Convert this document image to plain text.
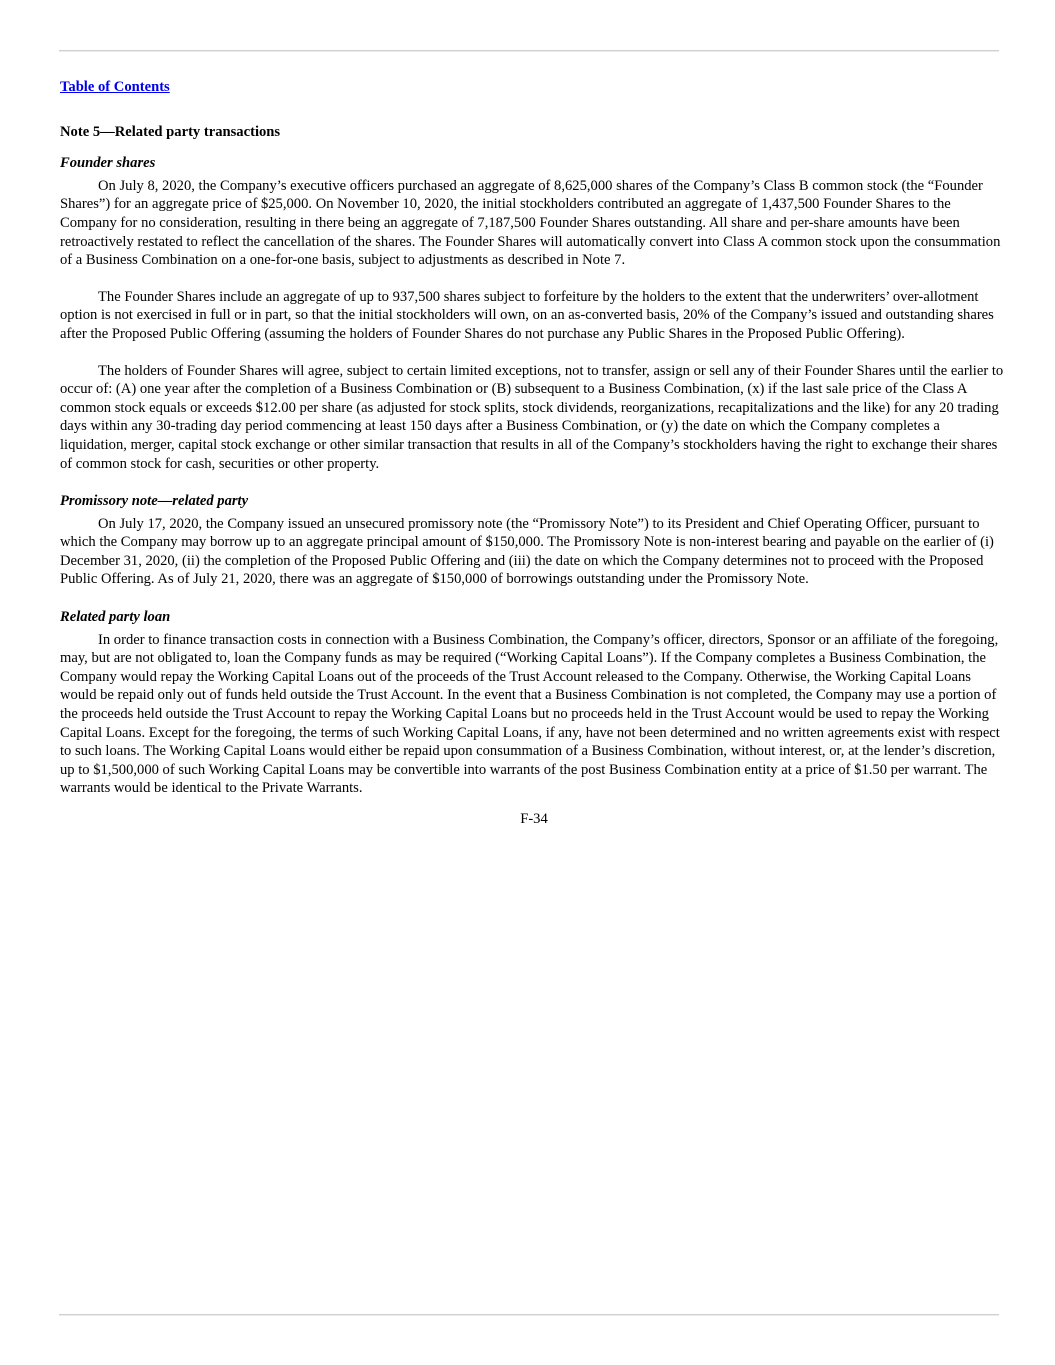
Table of Contents
Note 5—Related party transactions
Founder shares

On July 8, 2020, the Company’s executive officers purchased an aggregate of 8,625,000 shares of the Company’s Class B common stock (the “Founder Shares”) for an aggregate price of $25,000. On November 10, 2020, the initial stockholders contributed an aggregate of 1,437,500 Founder Shares to the Company for no consideration, resulting in there being an aggregate of 7,187,500 Founder Shares outstanding. All share and per-share amounts have been retroactively restated to reflect the cancellation of the shares. The Founder Shares will automatically convert into Class A common stock upon the consummation of a Business Combination on a one-for-one basis, subject to adjustments as described in Note 7.

The Founder Shares include an aggregate of up to 937,500 shares subject to forfeiture by the holders to the extent that the underwriters’ over-allotment option is not exercised in full or in part, so that the initial stockholders will own, on an as-converted basis, 20% of the Company’s issued and outstanding shares after the Proposed Public Offering (assuming the holders of Founder Shares do not purchase any Public Shares in the Proposed Public Offering).

The holders of Founder Shares will agree, subject to certain limited exceptions, not to transfer, assign or sell any of their Founder Shares until the earlier to occur of: (A) one year after the completion of a Business Combination or (B) subsequent to a Business Combination, (x) if the last sale price of the Class A common stock equals or exceeds $12.00 per share (as adjusted for stock splits, stock dividends, reorganizations, recapitalizations and the like) for any 20 trading days within any 30-trading day period commencing at least 150 days after a Business Combination, or (y) the date on which the Company completes a liquidation, merger, capital stock exchange or other similar transaction that results in all of the Company’s stockholders having the right to exchange their shares of common stock for cash, securities or other property.

Promissory note—related party

On July 17, 2020, the Company issued an unsecured promissory note (the “Promissory Note”) to its President and Chief Operating Officer, pursuant to which the Company may borrow up to an aggregate principal amount of $150,000. The Promissory Note is non-interest bearing and payable on the earlier of (i) December 31, 2020, (ii) the completion of the Proposed Public Offering and (iii) the date on which the Company determines not to proceed with the Proposed Public Offering. As of July 21, 2020, there was an aggregate of $150,000 of borrowings outstanding under the Promissory Note.

Related party loan

In order to finance transaction costs in connection with a Business Combination, the Company’s officer, directors, Sponsor or an affiliate of the foregoing, may, but are not obligated to, loan the Company funds as may be required (“Working Capital Loans”). If the Company completes a Business Combination, the Company would repay the Working Capital Loans out of the proceeds of the Trust Account released to the Company. Otherwise, the Working Capital Loans would be repaid only out of funds held outside the Trust Account. In the event that a Business Combination is not completed, the Company may use a portion of the proceeds held outside the Trust Account to repay the Working Capital Loans but no proceeds held in the Trust Account would be used to repay the Working Capital Loans. Except for the foregoing, the terms of such Working Capital Loans, if any, have not been determined and no written agreements exist with respect to such loans. The Working Capital Loans would either be repaid upon consummation of a Business Combination, without interest, or, at the lender’s discretion, up to $1,500,000 of such Working Capital Loans may be convertible into warrants of the post Business Combination entity at a price of $1.50 per warrant. The warrants would be identical to the Private Warrants.

F-34
